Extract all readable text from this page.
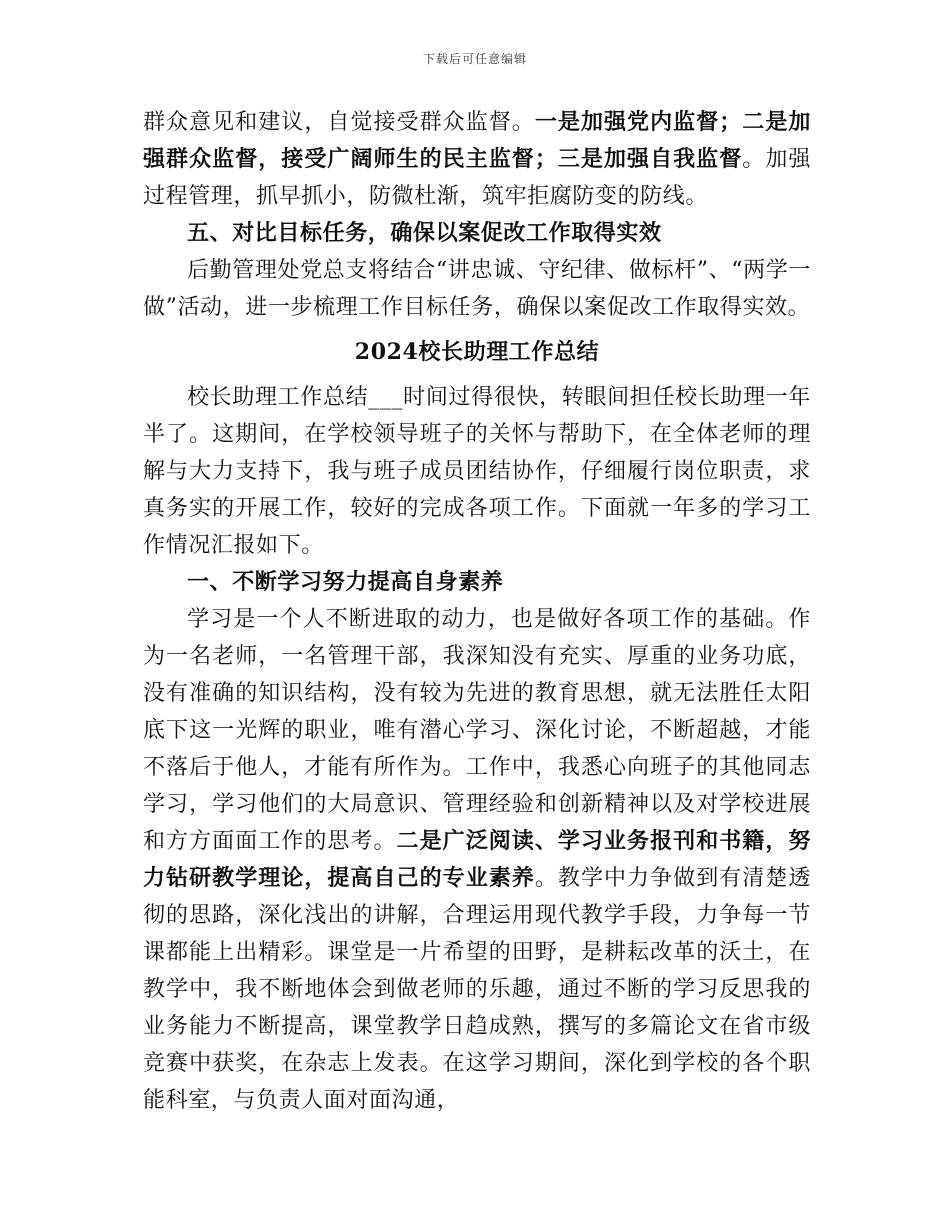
下载后可任意编辑

群众意见和建议，自觉接受群众监督。一是加强党内监督；二是加强群众监督，接受广阔师生的民主监督；三是加强自我监督。加强过程管理，抓早抓小，防微杜渐，筑牢拒腐防变的防线。

五、对比目标任务，确保以案促改工作取得实效

后勤管理处党总支将结合“讲忠诚、守纪律、做标杆”、“两学一做”活动，进一步梳理工作目标任务，确保以案促改工作取得实效。

2024校长助理工作总结

校长助理工作总结___时间过得很快，转眼间担任校长助理一年半了。这期间，在学校领导班子的关怀与帮助下，在全体老师的理解与大力支持下，我与班子成员团结协作，仔细履行岗位职责，求真务实的开展工作，较好的完成各项工作。下面就一年多的学习工作情况汇报如下。

一、不断学习努力提高自身素养

学习是一个人不断进取的动力，也是做好各项工作的基础。作为一名老师，一名管理干部，我深知没有充实、厚重的业务功底，没有准确的知识结构，没有较为先进的教育思想，就无法胜任太阳底下这一光辉的职业，唯有潜心学习、深化讨论，不断超越，才能不落后于他人，才能有所作为。工作中，我悉心向班子的其他同志学习，学习他们的大局意识、管理经验和创新精神以及对学校进展和方方面面工作的思考。二是广泛阅读、学习业务报刊和书籍，努力钻研教学理论，提高自己的专业素养。教学中力争做到有清楚透彻的思路，深化浅出的讲解，合理运用现代教学手段，力争每一节课都能上出精彩。课堂是一片希望的田野，是耕耘改革的沃土，在教学中，我不断地体会到做老师的乐趣，通过不断的学习反思我的业务能力不断提高，课堂教学日趋成熟，撰写的多篇论文在省市级竞赛中获奖，在杂志上发表。在这学习期间，深化到学校的各个职能科室，与负责人面对面沟通，
